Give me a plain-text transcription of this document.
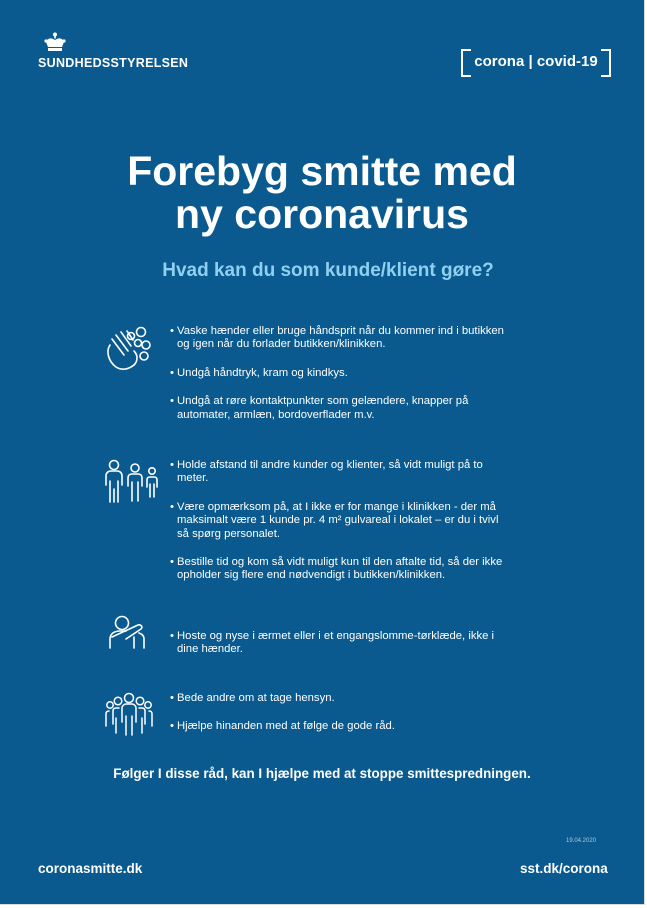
SUNDHEDSSTYRELSEN	corona | covid-19
Forebyg smitte med
ny coronavirus
Hvad kan du som kunde/klient gøre?
• Vaske hænder eller bruge håndsprit når du kommer ind i butikken og igen når du forlader butikken/klinikken.
• Undgå håndtryk, kram og kindkys.
• Undgå at røre kontaktpunkter som gelændere, knapper på automater, armlæn, bordoverflader m.v.
• Holde afstand til andre kunder og klienter, så vidt muligt på to meter.
• Være opmærksom på, at I ikke er for mange i klinikken - der må maksimalt være 1 kunde pr. 4 m² gulvareal i lokalet – er du i tvivl så spørg personalet.
• Bestille tid og kom så vidt muligt kun til den aftalte tid, så der ikke opholder sig flere end nødvendigt i butikken/klinikken.
• Hoste og nyse i ærmet eller i et engangslomme-tørklæde, ikke i dine hænder.
• Bede andre om at tage hensyn.
• Hjælpe hinanden med at følge de gode råd.

Følger I disse råd, kan I hjælpe med at stoppe smittespredningen.

19.04.2020
coronasmitte.dk	sst.dk/corona
